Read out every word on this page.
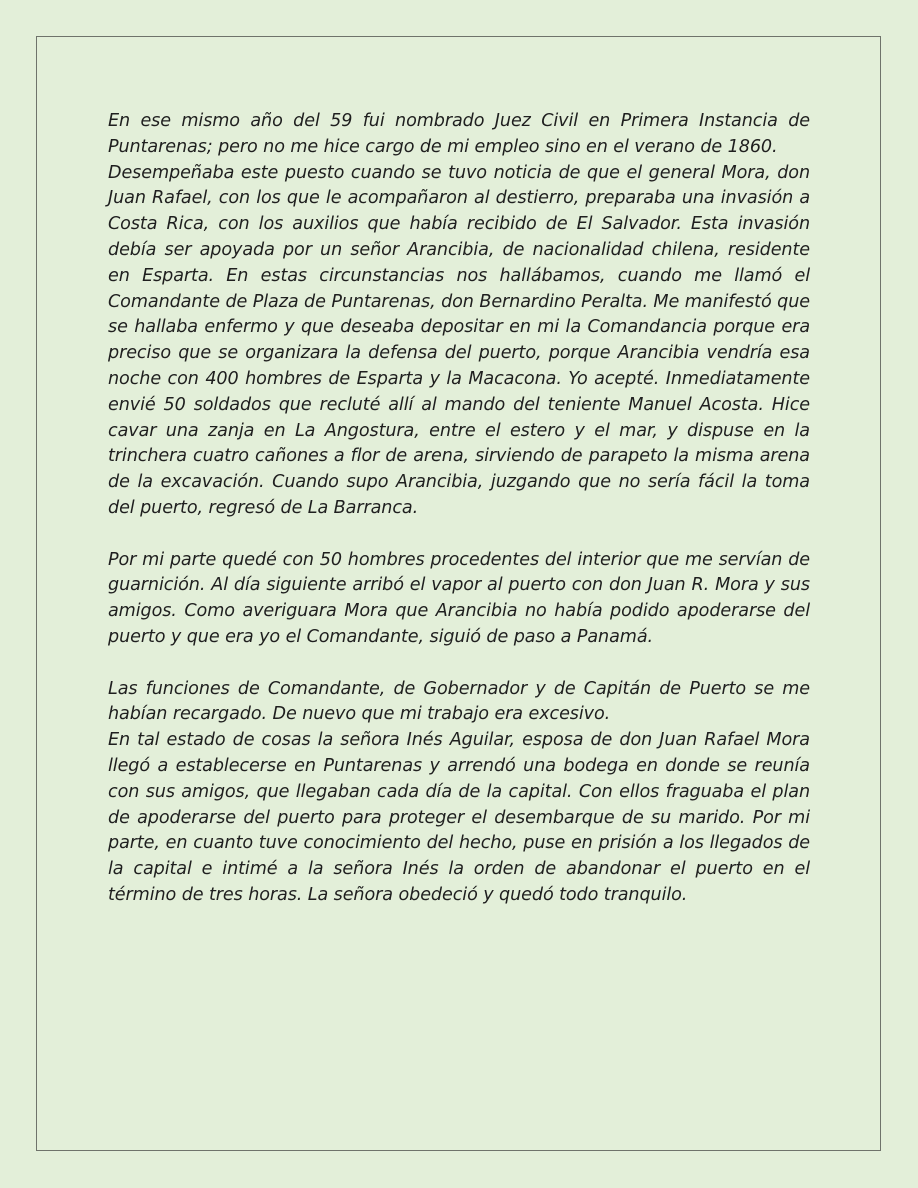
En ese mismo año del 59 fui nombrado Juez Civil en Primera Instancia de Puntarenas; pero no me hice cargo de mi empleo sino en el verano de 1860.

Desempeñaba este puesto cuando se tuvo noticia de que el general Mora, don Juan Rafael, con los que le acompañaron al destierro, preparaba una invasión a Costa Rica, con los auxilios que había recibido de El Salvador. Esta invasión debía ser apoyada por un señor Arancibia, de nacionalidad chilena, residente en Esparta. En estas circunstancias nos hallábamos, cuando me llamó el Comandante de Plaza de Puntarenas, don Bernardino Peralta. Me manifestó que se hallaba enfermo y que deseaba depositar en mi la Comandancia porque era preciso que se organizara la defensa del puerto, porque Arancibia vendría esa noche con 400 hombres de Esparta y la Macacona. Yo acepté. Inmediatamente envié 50 soldados que recluté allí al mando del teniente Manuel Acosta. Hice cavar una zanja en La Angostura, entre el estero y el mar, y dispuse en la trinchera cuatro cañones a flor de arena, sirviendo de parapeto la misma arena de la excavación. Cuando supo Arancibia, juzgando que no sería fácil la toma del puerto, regresó de La Barranca.

Por mi parte quedé con 50 hombres procedentes del interior que me servían de guarnición. Al día siguiente arribó el vapor al puerto con don Juan R. Mora y sus amigos. Como averiguara Mora que Arancibia no había podido apoderarse del puerto y que era yo el Comandante, siguió de paso a Panamá.

Las funciones de Comandante, de Gobernador y de Capitán de Puerto se me habían recargado. De nuevo que mi trabajo era excesivo.

En tal estado de cosas la señora Inés Aguilar, esposa de don Juan Rafael Mora llegó a establecerse en Puntarenas y arrendó una bodega en donde se reunía con sus amigos, que llegaban cada día de la capital. Con ellos fraguaba el plan de apoderarse del puerto para proteger el desembarque de su marido. Por mi parte, en cuanto tuve conocimiento del hecho, puse en prisión a los llegados de la capital e intimé a la señora Inés la orden de abandonar el puerto en el término de tres horas. La señora obedeció y quedó todo tranquilo.
